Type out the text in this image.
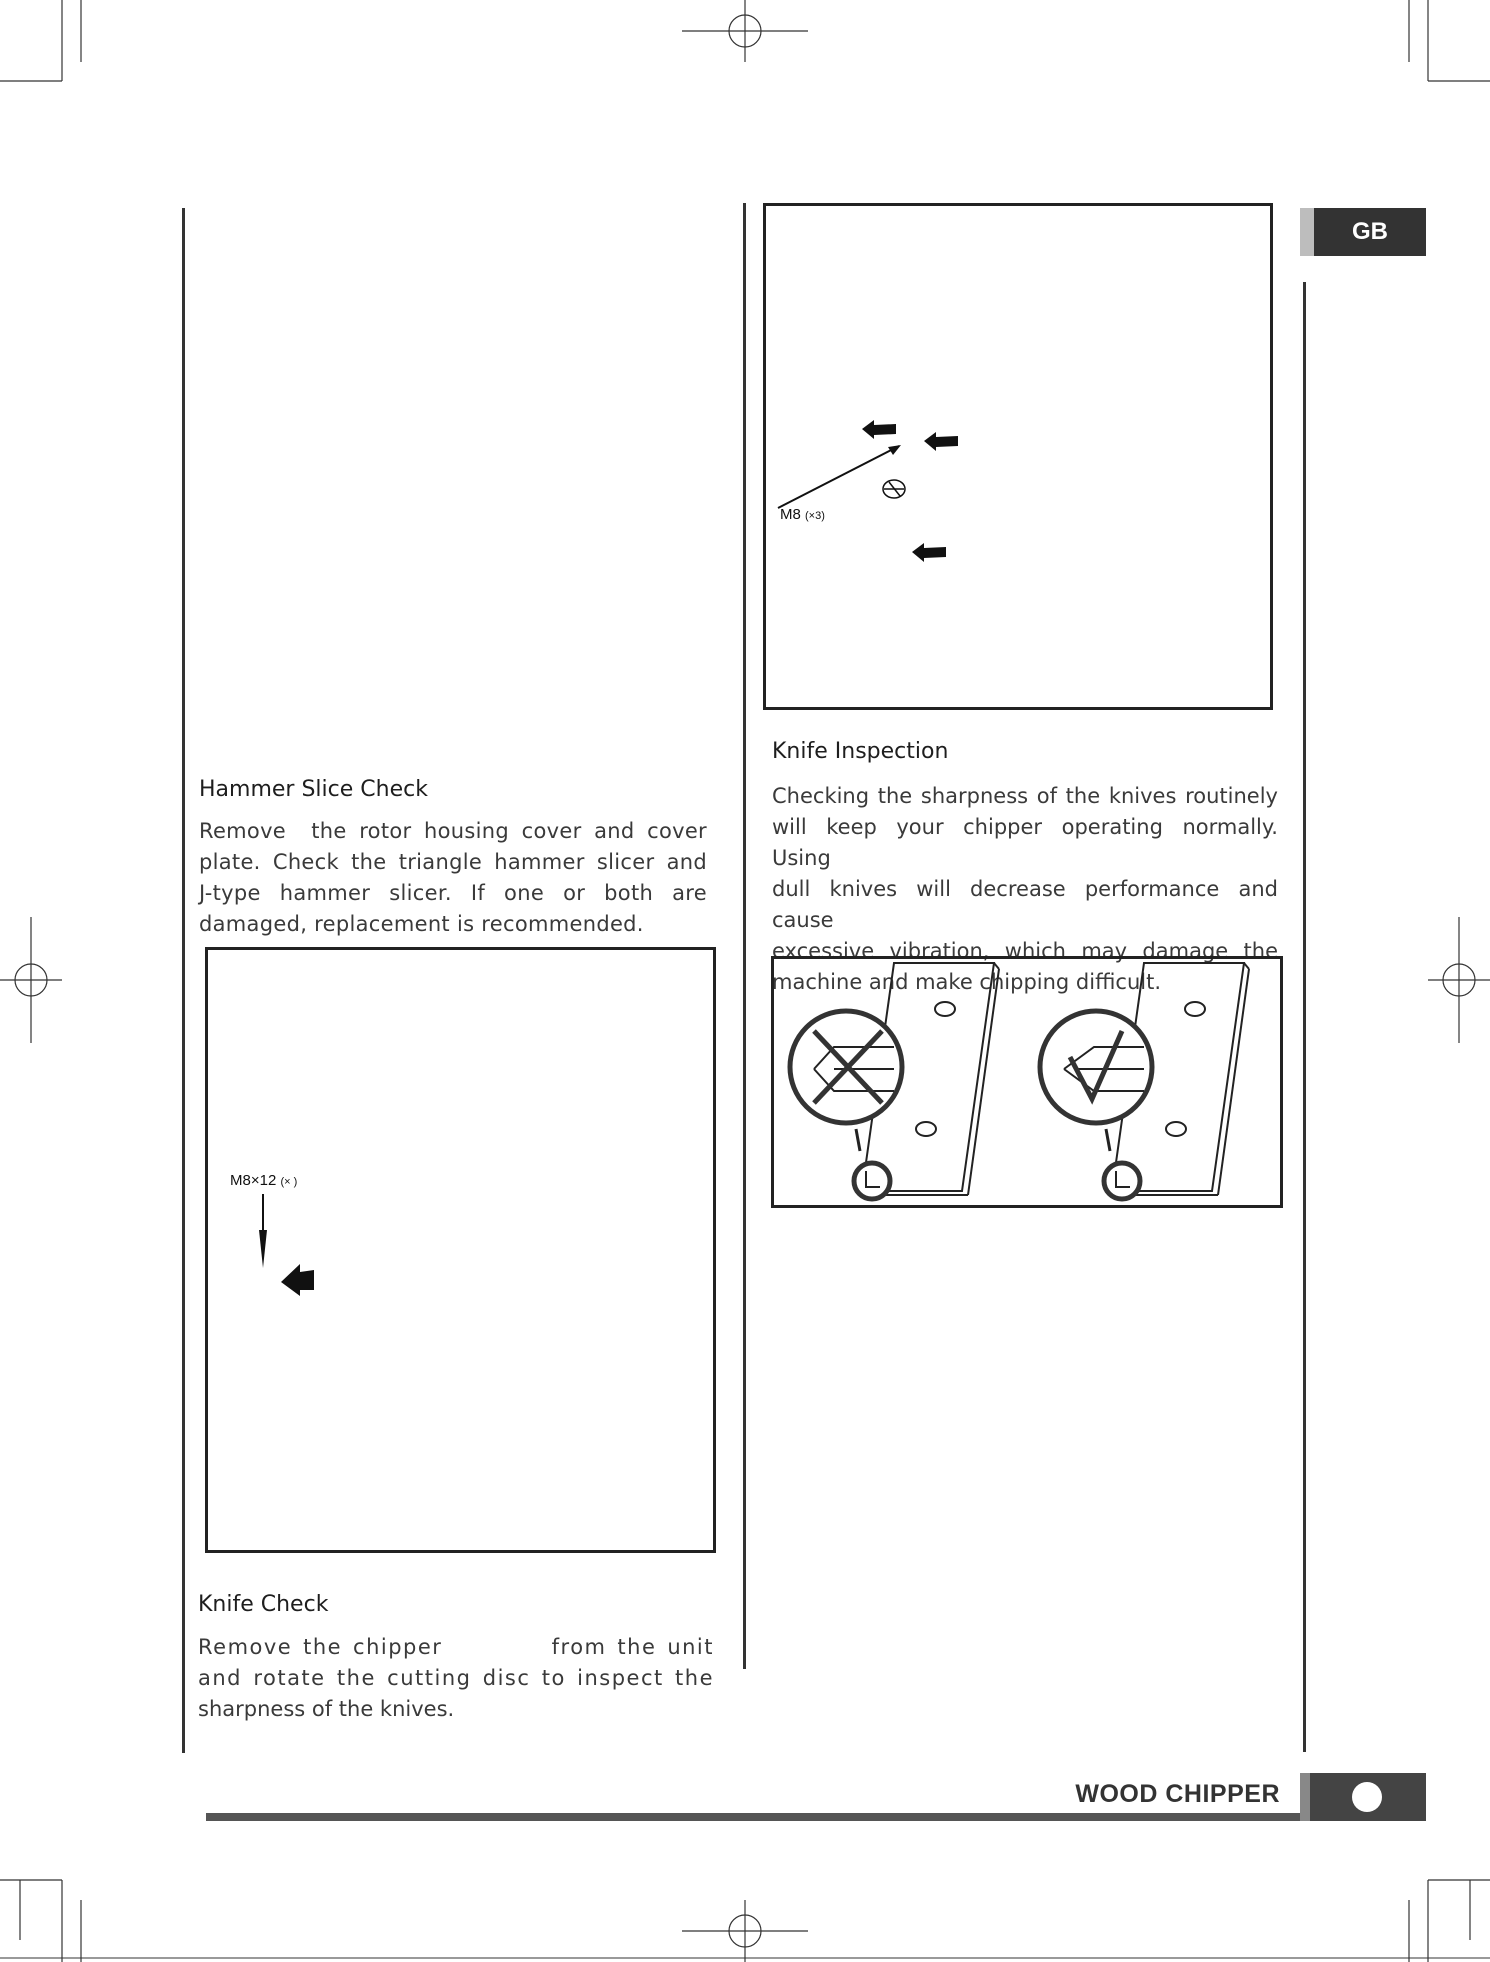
GB
M8 (×3)
Knife Inspection
Checking the sharpness of the knives routinely
will keep your chipper operating normally. Using
dull knives will decrease performance and cause
excessive vibration, which may damage the
machine and make chipping difficult.
Hammer Slice Check
Remove  the rotor housing cover and cover
plate. Check the triangle hammer slicer and
J-type hammer slicer. If one or both are
damaged, replacement is recommended.
M8×12 (× )
Knife Check
Remove the chipper          from the unit
and rotate the cutting disc to inspect the
sharpness of the knives.
WOOD CHIPPER
